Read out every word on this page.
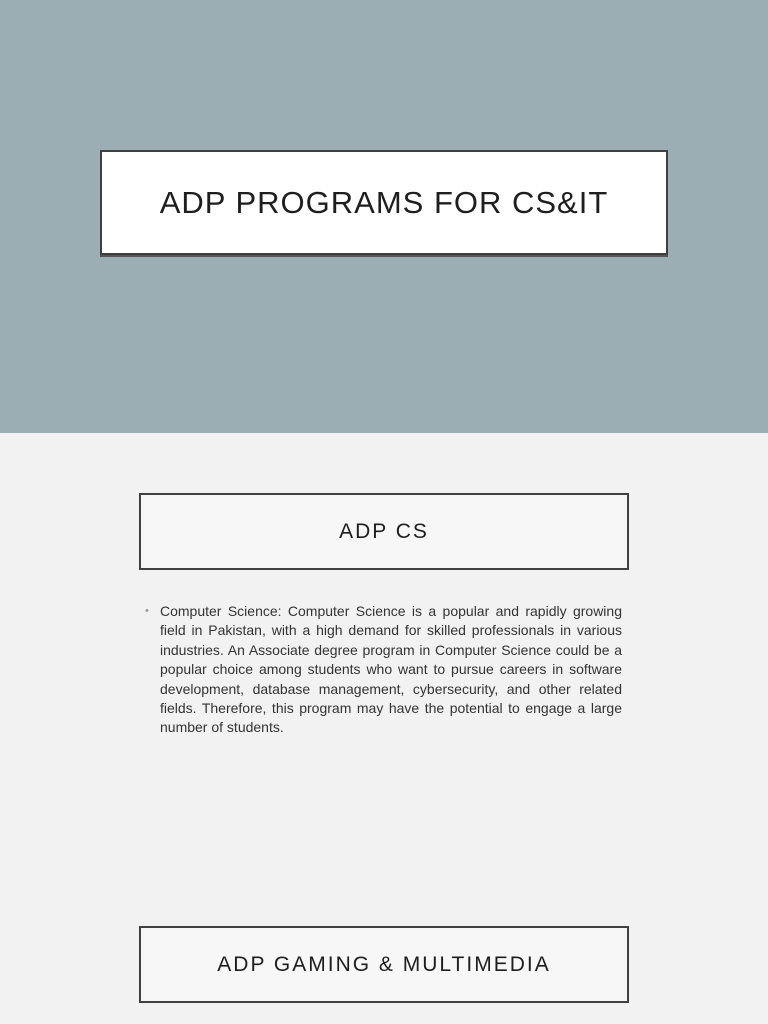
ADP PROGRAMS FOR CS&IT
ADP CS
• Computer Science: Computer Science is a popular and rapidly growing field in Pakistan, with a high demand for skilled professionals in various industries. An Associate degree program in Computer Science could be a popular choice among students who want to pursue careers in software development, database management, cybersecurity, and other related fields. Therefore, this program may have the potential to engage a large number of students.
ADP GAMING & MULTIMEDIA
